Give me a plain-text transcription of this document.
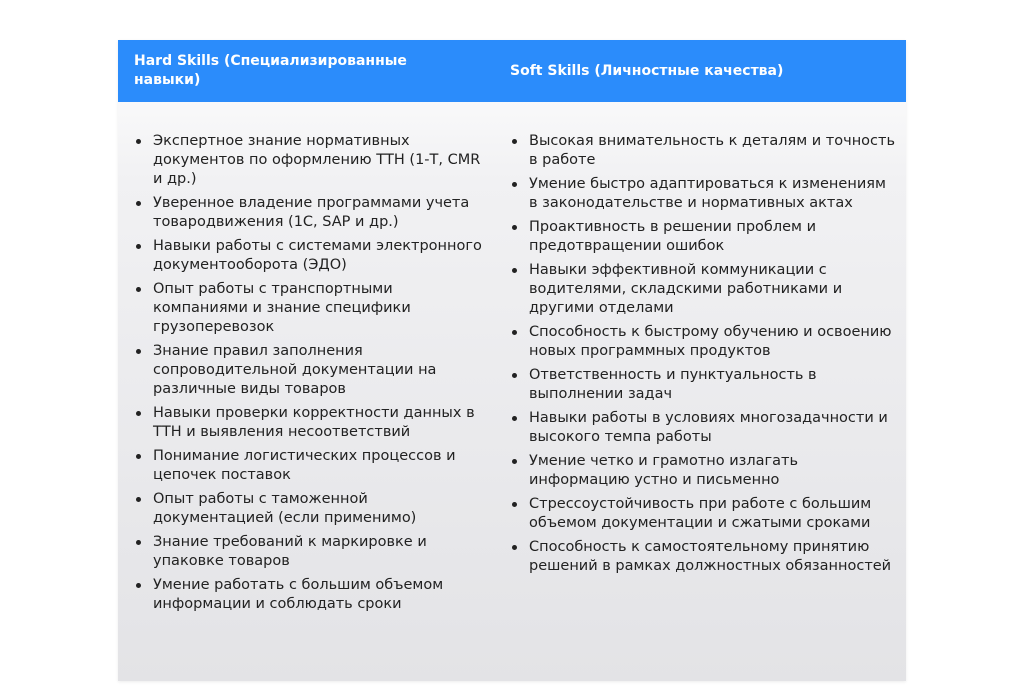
Hard Skills (Специализированные навыки)
Soft Skills (Личностные качества)
Экспертное знание нормативных документов по оформлению ТТН (1-Т, CMR и др.)
Уверенное владение программами учета товародвижения (1С, SAP и др.)
Навыки работы с системами электронного документооборота (ЭДО)
Опыт работы с транспортными компаниями и знание специфики грузоперевозок
Знание правил заполнения сопроводительной документации на различные виды товаров
Навыки проверки корректности данных в ТТН и выявления несоответствий
Понимание логистических процессов и цепочек поставок
Опыт работы с таможенной документацией (если применимо)
Знание требований к маркировке и упаковке товаров
Умение работать с большим объемом информации и соблюдать сроки
Высокая внимательность к деталям и точность в работе
Умение быстро адаптироваться к изменениям в законодательстве и нормативных актах
Проактивность в решении проблем и предотвращении ошибок
Навыки эффективной коммуникации с водителями, складскими работниками и другими отделами
Способность к быстрому обучению и освоению новых программных продуктов
Ответственность и пунктуальность в выполнении задач
Навыки работы в условиях многозадачности и высокого темпа работы
Умение четко и грамотно излагать информацию устно и письменно
Стрессоустойчивость при работе с большим объемом документации и сжатыми сроками
Способность к самостоятельному принятию решений в рамках должностных обязанностей
